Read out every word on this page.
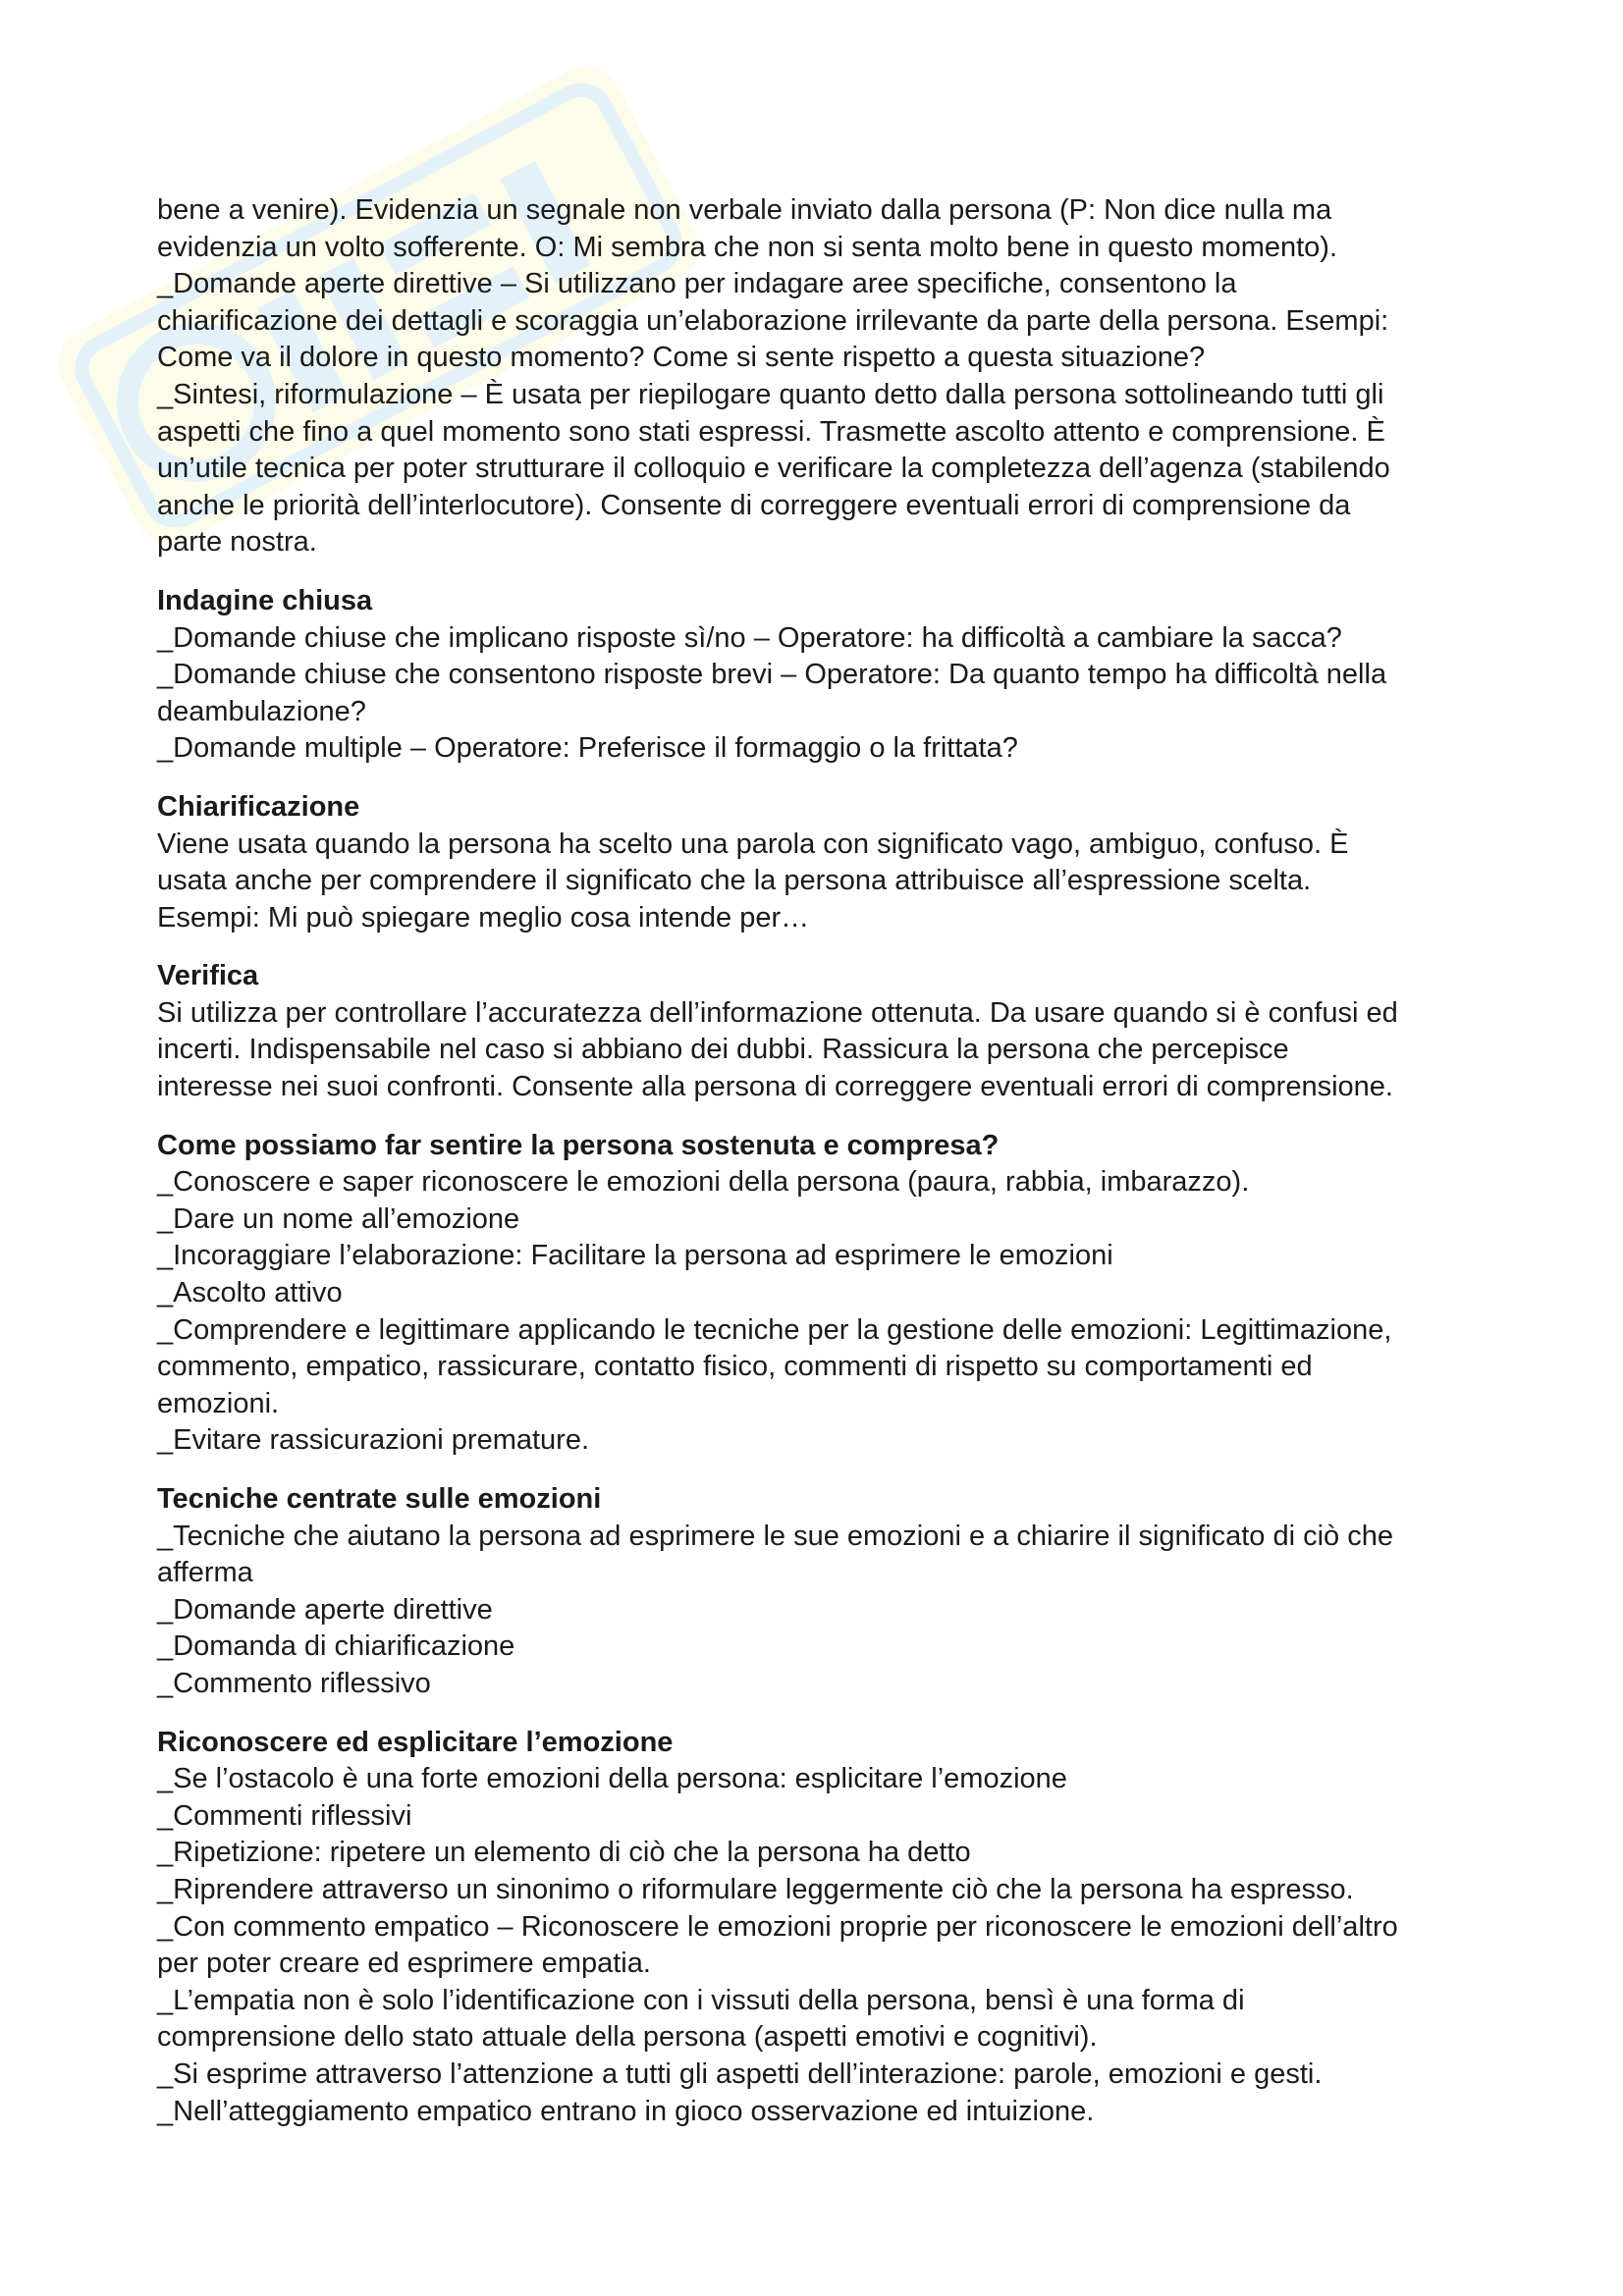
bene a venire). Evidenzia un segnale non verbale inviato dalla persona (P: Non dice nulla ma
evidenzia un volto sofferente. O: Mi sembra che non si senta molto bene in questo momento).
_Domande aperte direttive – Si utilizzano per indagare aree specifiche, consentono la
chiarificazione dei dettagli e scoraggia un’elaborazione irrilevante da parte della persona. Esempi:
Come va il dolore in questo momento? Come si sente rispetto a questa situazione?
_Sintesi, riformulazione – È usata per riepilogare quanto detto dalla persona sottolineando tutti gli
aspetti che fino a quel momento sono stati espressi. Trasmette ascolto attento e comprensione. È
un’utile tecnica per poter strutturare il colloquio e verificare la completezza dell’agenza (stabilendo
anche le priorità dell’interlocutore). Consente di correggere eventuali errori di comprensione da
parte nostra.
Indagine chiusa
_Domande chiuse che implicano risposte sì/no – Operatore: ha difficoltà a cambiare la sacca?
_Domande chiuse che consentono risposte brevi – Operatore: Da quanto tempo ha difficoltà nella
deambulazione?
_Domande multiple – Operatore: Preferisce il formaggio o la frittata?
Chiarificazione
Viene usata quando la persona ha scelto una parola con significato vago, ambiguo, confuso. È
usata anche per comprendere il significato che la persona attribuisce all’espressione scelta.
Esempi: Mi può spiegare meglio cosa intende per…
Verifica
Si utilizza per controllare l’accuratezza dell’informazione ottenuta. Da usare quando si è confusi ed
incerti. Indispensabile nel caso si abbiano dei dubbi. Rassicura la persona che percepisce
interesse nei suoi confronti. Consente alla persona di correggere eventuali errori di comprensione.
Come possiamo far sentire la persona sostenuta e compresa?
_Conoscere e saper riconoscere le emozioni della persona (paura, rabbia, imbarazzo).
_Dare un nome all’emozione
_Incoraggiare l’elaborazione: Facilitare la persona ad esprimere le emozioni
_Ascolto attivo
_Comprendere e legittimare applicando le tecniche per la gestione delle emozioni: Legittimazione,
commento, empatico, rassicurare, contatto fisico, commenti di rispetto su comportamenti ed
emozioni.
_Evitare rassicurazioni premature.
Tecniche centrate sulle emozioni
_Tecniche che aiutano la persona ad esprimere le sue emozioni e a chiarire il significato di ciò che
afferma
_Domande aperte direttive
_Domanda di chiarificazione
_Commento riflessivo
Riconoscere ed esplicitare l’emozione
_Se l’ostacolo è una forte emozioni della persona: esplicitare l’emozione
_Commenti riflessivi
_Ripetizione: ripetere un elemento di ciò che la persona ha detto
_Riprendere attraverso un sinonimo o riformulare leggermente ciò che la persona ha espresso.
_Con commento empatico – Riconoscere le emozioni proprie per riconoscere le emozioni dell’altro
per poter creare ed esprimere empatia.
_L’empatia non è solo l’identificazione con i vissuti della persona, bensì è una forma di
comprensione dello stato attuale della persona (aspetti emotivi e cognitivi).
_Si esprime attraverso l’attenzione a tutti gli aspetti dell’interazione: parole, emozioni e gesti.
_Nell’atteggiamento empatico entrano in gioco osservazione ed intuizione.
